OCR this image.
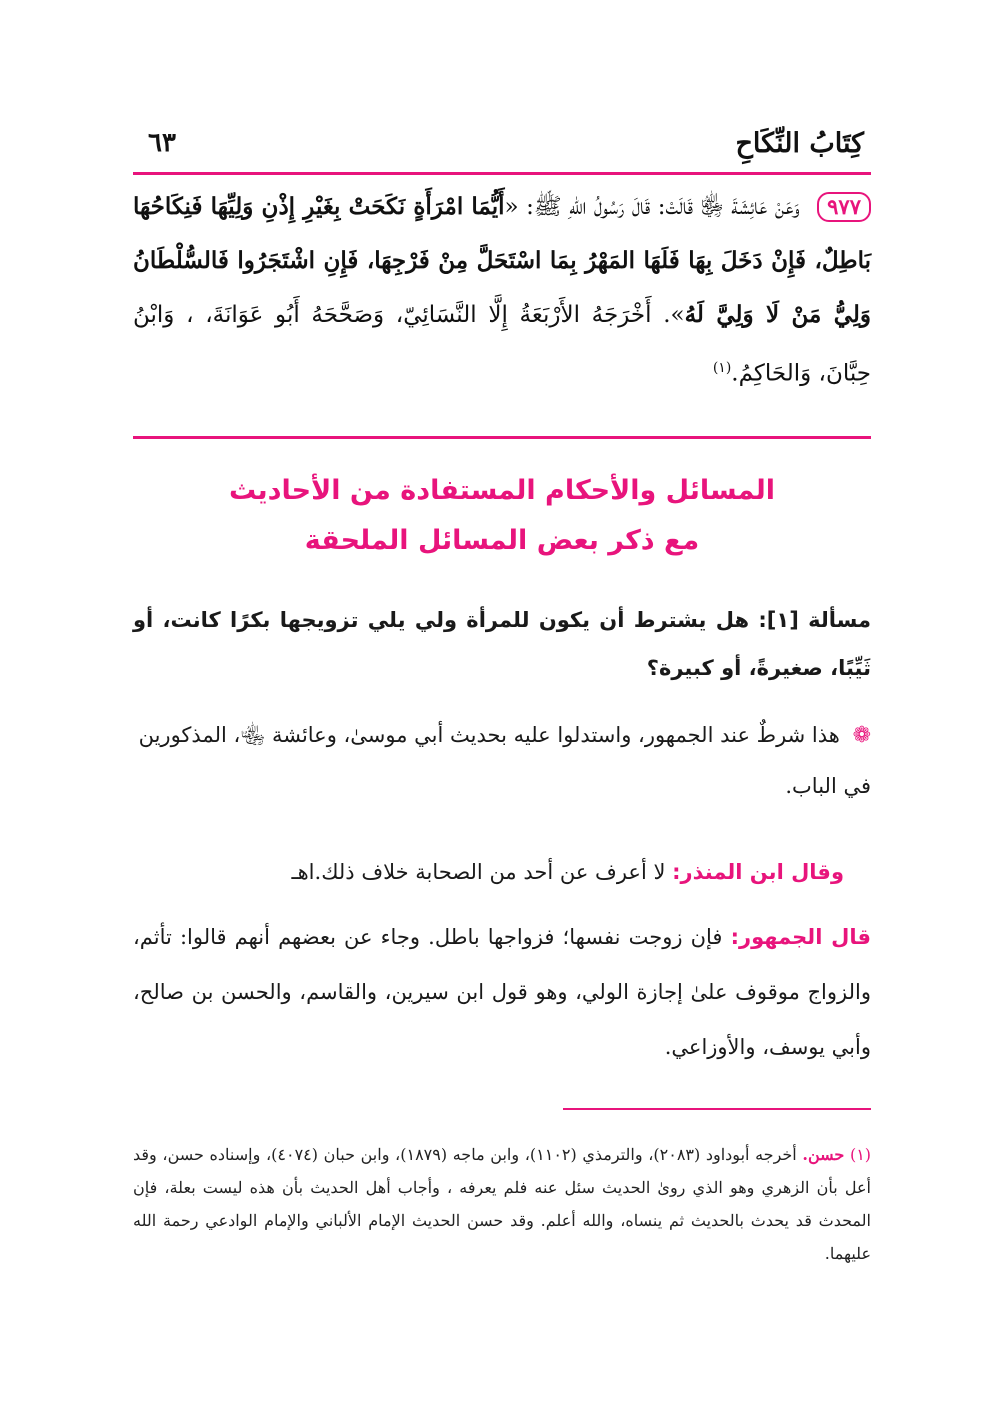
كِتَابُ النِّكَاحِ
٦٣
٩٧٧ وَعَنْ عَائِشَةَ ﵂ قَالَتْ: قَالَ رَسُولُ اللهِ ﷺ: «أَيُّمَا امْرَأَةٍ نَكَحَتْ بِغَيْرِ إِذْنِ وَلِيِّهَا فَنِكَاحُهَا بَاطِلٌ، فَإِنْ دَخَلَ بِهَا فَلَهَا المَهْرُ بِمَا اسْتَحَلَّ مِنْ فَرْجِهَا، فَإِنِ اشْتَجَرُوا فَالسُّلْطَانُ وَلِيُّ مَنْ لَا وَلِيَّ لَهُ». أَخْرَجَهُ الأَرْبَعَةُ إِلَّا النَّسَائِيّ، وَصَحَّحَهُ أَبُو عَوَانَةَ، ، وَابْنُ حِبَّانَ، وَالحَاكِمُ.$^{(١)}$
المسائل والأحكام المستفادة من الأحاديث
مع ذكر بعض المسائل الملحقة
مسألة [١]: هل يشترط أن يكون للمرأة ولي يلي تزويجها بكرًا كانت، أو ثَيِّبًا، صغيرةً، أو كبيرة؟
❁ هذا شرطٌ عند الجمهور، واستدلوا عليه بحديث أبي موسىٰ، وعائشة ﵄، المذكورين في الباب.
وقال ابن المنذر: لا أعرف عن أحد من الصحابة خلاف ذلك.اهـ
قال الجمهور: فإن زوجت نفسها؛ فزواجها باطل. وجاء عن بعضهم أنهم قالوا: تأثم، والزواج موقوف علىٰ إجازة الولي، وهو قول ابن سيرين، والقاسم، والحسن بن صالح، وأبي يوسف، والأوزاعي.
(١) حسن. أخرجه أبوداود (٢٠٨٣)، والترمذي (١١٠٢)، وابن ماجه (١٨٧٩)، وابن حبان (٤٠٧٤)، وإسناده حسن، وقد أعل بأن الزهري وهو الذي روىٰ الحديث سئل عنه فلم يعرفه ، وأجاب أهل الحديث بأن هذه ليست بعلة، فإن المحدث قد يحدث بالحديث ثم ينساه، والله أعلم. وقد حسن الحديث الإمام الألباني والإمام الوادعي رحمة الله عليهما.
